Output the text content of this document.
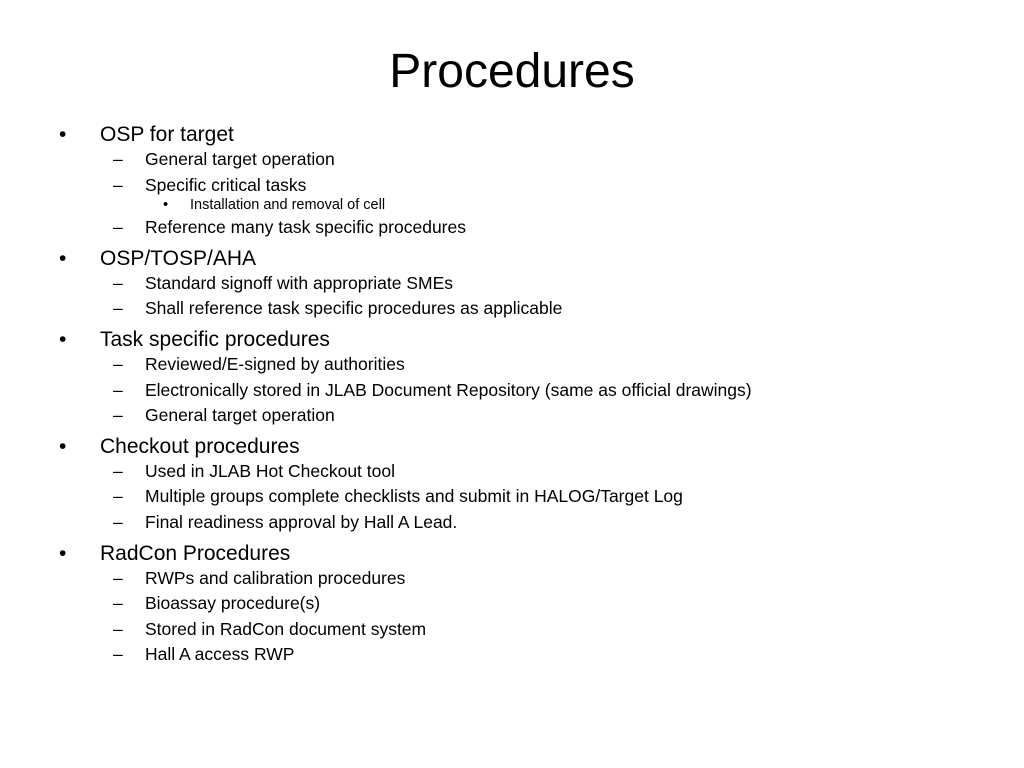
Procedures
• OSP for target
– General target operation
– Specific critical tasks
• Installation and removal of cell
– Reference many task specific procedures
• OSP/TOSP/AHA
– Standard signoff with appropriate SMEs
– Shall reference task specific procedures as applicable
• Task specific procedures
– Reviewed/E-signed by authorities
– Electronically stored in JLAB Document Repository (same as official drawings)
– General target operation
• Checkout procedures
– Used in JLAB Hot Checkout tool
– Multiple groups complete checklists and submit in HALOG/Target Log
– Final readiness approval by Hall A Lead.
• RadCon Procedures
– RWPs and calibration procedures
– Bioassay procedure(s)
– Stored in RadCon document system
– Hall A access RWP
